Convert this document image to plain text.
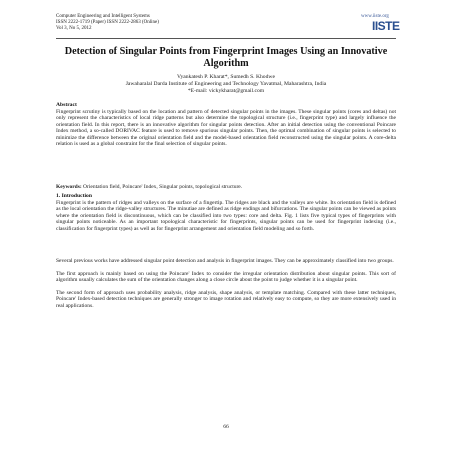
Computer Engineering and Intelligent Systems
ISSN 2222-1719 (Paper) ISSN 2222-2863 (Online)
Vol 3, No 5, 2012
www.iiste.org
IISTE
Detection of Singular Points from Fingerprint Images Using an Innovative Algorithm
Vyankatesh P. Kharat*, Sumedh S. Khodwe
Jawaharalal Darda Institute of Engineering and Technology Yavatmal, Maharashtra, India
*E-mail: vickykharat@gmail.com
Abstract
Fingerprint scrutiny is typically based on the location and pattern of detected singular points in the images. These singular points (cores and deltas) not only represent the characteristics of local ridge patterns but also determine the topological structure (i.e., fingerprint type) and largely influence the orientation field. In this report, there is an innovative algorithm for singular points detection. After an initial detection using the conventional Poincare Index method, a so-called DORIVAC feature is used to remove spurious singular points. Then, the optimal combination of singular points is selected to minimize the difference between the original orientation field and the model-based orientation field reconstructed using the singular points. A core-delta relation is used as a global constraint for the final selection of singular points.
Keywords: Orientation field, Poincare' Index, Singular points, topological structure.
1. Introduction
Fingerprint is the pattern of ridges and valleys on the surface of a fingertip. The ridges are black and the valleys are white. Its orientation field is defined as the local orientation the ridge-valley structures. The minutiae are defined as ridge endings and bifurcations. The singular points can be viewed as points where the orientation field is discontinuous, which can be classified into two types: core and delta. Fig. 1 lists five typical types of fingerprints with singular points noticeable. As an important topological characteristic for fingerprints, singular points can be used for fingerprint indexing (i.e., classification for fingerprint types) as well as for fingerprint arrangement and orientation field modeling and so forth.
Several previous works have addressed singular point detection and analysis in fingerprint images. They can be approximately classified into two groups.
The first approach is mainly based on using the Poincare' Index to consider the irregular orientation distribution about singular points. This sort of algorithm usually calculates the sum of the orientation changes along a close circle about the point to judge whether it is a singular point.
The second form of approach uses probability analysis, ridge analysis, shape analysis, or template matching. Compared with these latter techniques, Poincare' Index-based detection techniques are generally stronger to image rotation and relatively easy to compute, so they are more extensively used in real applications.
66
